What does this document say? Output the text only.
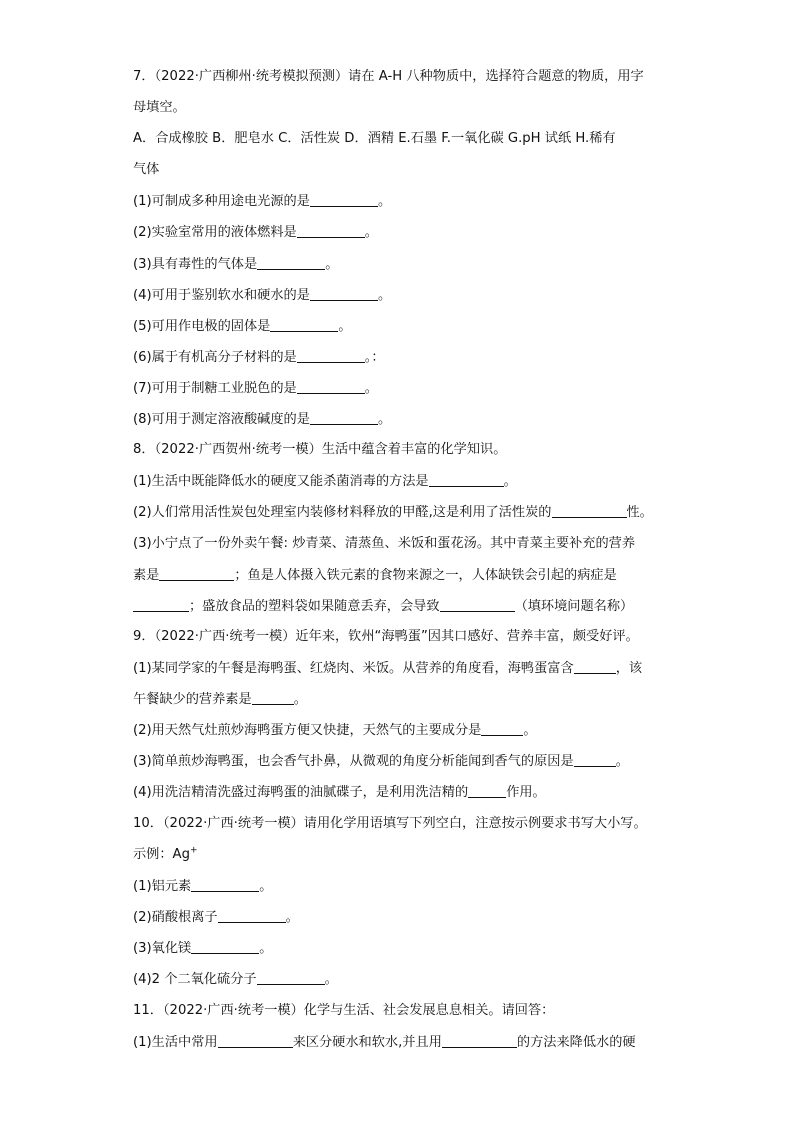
7．（2022·广西柳州·统考模拟预测）请在 A-H 八种物质中，选择符合题意的物质，用字
母填空。
A．合成橡胶 B．肥皂水 C．活性炭 D．酒精 E.石墨 F.一氧化碳 G.pH 试纸 H.稀有
气体
(1)可制成多种用途电光源的是	。
(2)实验室常用的液体燃料是	。
(3)具有毒性的气体是	。
(4)可用于鉴别软水和硬水的是	。
(5)可用作电极的固体是	。
(6)属于有机高分子材料的是	。：
(7)可用于制糖工业脱色的是	。
(8)可用于测定溶液酸碱度的是	。
8．（2022·广西贺州·统考一模）生活中蕴含着丰富的化学知识。
(1)生活中既能降低水的硬度又能杀菌消毒的方法是	。
(2)人们常用活性炭包处理室内装修材料释放的甲醛,这是利用了活性炭的	性。
(3)小宁点了一份外卖午餐: 炒青菜、清蒸鱼、米饭和蛋花汤。其中青菜主要补充的营养
素是	；鱼是人体摄入铁元素的食物来源之一，人体缺铁会引起的病症是
；盛放食品的塑料袋如果随意丢弃，会导致	（填环境问题名称）
9．（2022·广西·统考一模）近年来，钦州“海鸭蛋”因其口感好、营养丰富，颇受好评。
(1)某同学家的午餐是海鸭蛋、红烧肉、米饭。从营养的角度看，海鸭蛋富含	，该
午餐缺少的营养素是	。
(2)用天然气灶煎炒海鸭蛋方便又快捷，天然气的主要成分是	。
(3)简单煎炒海鸭蛋，也会香气扑鼻，从微观的角度分析能闻到香气的原因是	。
(4)用洗洁精清洗盛过海鸭蛋的油腻碟子，是利用洗洁精的	作用。
10．（2022·广西·统考一模）请用化学用语填写下列空白，注意按示例要求书写大小写。
示例：Ag+
(1)铝元素	。
(2)硝酸根离子	。
(3)氧化镁	。
(4)2 个二氧化硫分子	。
11．（2022·广西·统考一模）化学与生活、社会发展息息相关。请回答：
(1)生活中常用	来区分硬水和软水,并且用	的方法来降低水的硬
